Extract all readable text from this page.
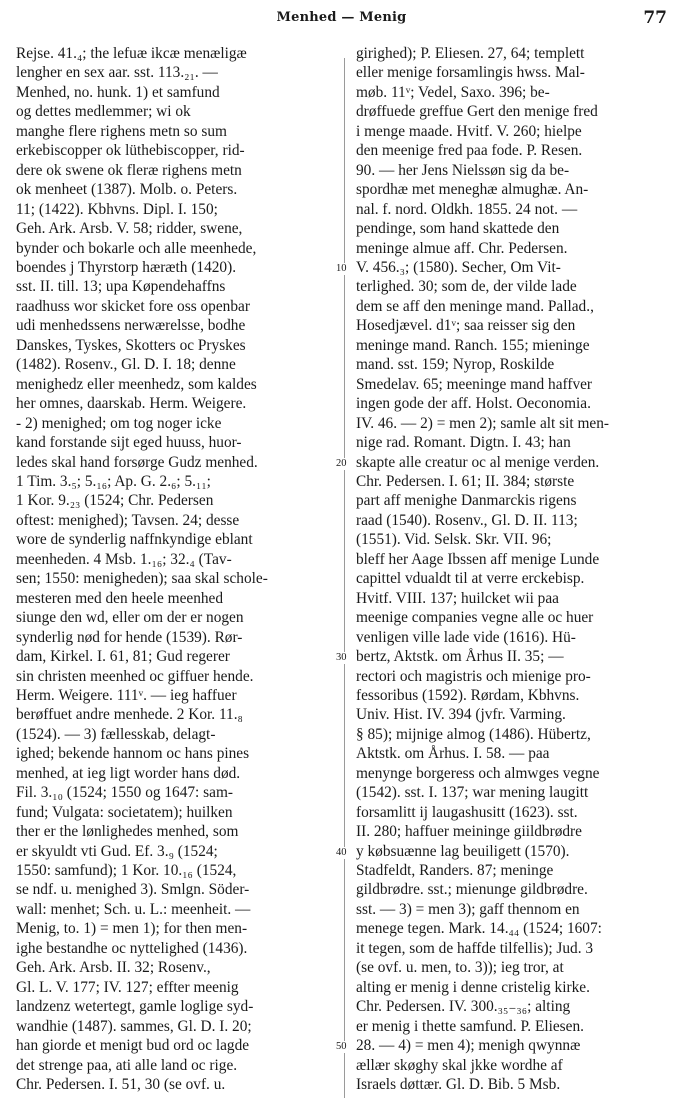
Menhed — Menig	77
Rejse. 41.₄; the lefuæ ikcæ menæligæ
lengher en sex aar. sst. 113.₂₁. —
Menhed, no. hunk. 1) et samfund
og dettes medlemmer; wi ok
manghe flere righens metn so sum
erkebiscopper ok lüthebiscopper, rid-
dere ok swene ok fleræ righens metn
ok menheet (1387). Molb. o. Peters.
11; (1422). Kbhvns. Dipl. I. 150;
Geh. Ark. Arsb. V. 58; ridder, swene,
bynder och bokarle och alle meenhede,
boendes j Thyrstorp hæræth (1420).
sst. II. till. 13; upa Køpendehaffns
raadhuss wor skicket fore oss openbar
udi menhedssens nerwærelsse, bodhe
Danskes, Tyskes, Skotters oc Pryskes
(1482). Rosenv., Gl. D. I. 18; denne
menighedz eller meenhedz, som kaldes
her omnes, daarskab. Herm. Weigere.
- 2) menighed; om tog noger icke
kand forstande sijt eged huuss, huor-
ledes skal hand forsørge Gudz menhed.
1 Tim. 3.₅; 5.₁₆; Ap. G. 2.₆; 5.₁₁;
1 Kor. 9.₂₃ (1524; Chr. Pedersen
oftest: menighed); Tavsen. 24; desse
wore de synderlig naffnkyndige eblant
meenheden. 4 Msb. 1.₁₆; 32.₄ (Tav-
sen; 1550: menigheden); saa skal schole-
mesteren med den heele meenhed
siunge den wd, eller om der er nogen
synderlig nød for hende (1539). Rør-
dam, Kirkel. I. 61, 81; Gud regerer
sin christen meenhed oc giffuer hende.
Herm. Weigere. 111ᵛ. — ieg haffuer
berøffuet andre menhede. 2 Kor. 11.₈
(1524). — 3) fællesskab, delagt-
ighed; bekende hannom oc hans pines
menhed, at ieg ligt worder hans død.
Fil. 3.₁₀ (1524; 1550 og 1647: sam-
fund; Vulgata: societatem); huilken
ther er the lønlighedes menhed, som
er skyuldt vti Gud. Ef. 3.₉ (1524;
1550: samfund); 1 Kor. 10.₁₆ (1524,
se ndf. u. menighed 3). Smlgn. Söder-
wall: menhet; Sch. u. L.: meenheit. —
Menig, to. 1) = men 1); for then men-
ighe bestandhe oc nyttelighed (1436).
Geh. Ark. Arsb. II. 32; Rosenv.,
Gl. L. V. 177; IV. 127; effter meenig
landzenz wetertegt, gamle loglige syd-
wandhie (1487). sammes, Gl. D. I. 20;
han giorde et menigt bud ord oc lagde
det strenge paa, ati alle land oc rige.
Chr. Pedersen. I. 51, 30 (se ovf. u.
10
20
30
40
50
girighed); P. Eliesen. 27, 64; templett
eller menige forsamlingis hwss. Mal-
møb. 11ᵛ; Vedel, Saxo. 396; be-
drøffuede greffue Gert den menige fred
i menge maade. Hvitf. V. 260; hielpe
den meenige fred paa fode. P. Resen.
90. — her Jens Nielssøn sig da be-
spordhæ met meneghæ almughæ. An-
nal. f. nord. Oldkh. 1855. 24 not. —
pendinge, som hand skattede den
meninge almue aff. Chr. Pedersen.
V. 456.₃; (1580). Secher, Om Vit-
terlighed. 30; som de, der vilde lade
dem se aff den meninge mand. Pallad.,
Hosedjævel. d1ᵛ; saa reisser sig den
meninge mand. Ranch. 155; mieninge
mand. sst. 159; Nyrop, Roskilde
Smedelav. 65; meeninge mand haffver
ingen gode der aff. Holst. Oeconomia.
IV. 46. — 2) = men 2); samle alt sit men-
nige rad. Romant. Digtn. I. 43; han
skapte alle creatur oc al menige verden.
Chr. Pedersen. I. 61; II. 384; største
part aff menighe Danmarckis rigens
raad (1540). Rosenv., Gl. D. II. 113;
(1551). Vid. Selsk. Skr. VII. 96;
bleff her Aage Ibssen aff menige Lunde
capittel vdualdt til at verre erckebisp.
Hvitf. VIII. 137; huilcket wii paa
meenige companies vegne alle oc huer
venligen ville lade vide (1616). Hü-
bertz, Aktstk. om Århus II. 35; —
rectori och magistris och mienige pro-
fessoribus (1592). Rørdam, Kbhvns.
Univ. Hist. IV. 394 (jvfr. Varming.
§ 85); mijnige almog (1486). Hübertz,
Aktstk. om Århus. I. 58. — paa
menynge borgeress och almwges vegne
(1542). sst. I. 137; war mening laugitt
forsamlitt ij laugashusitt (1623). sst.
II. 280; haffuer meininge giildbrødre
y købsuænne lag beuiligett (1570).
Stadfeldt, Randers. 87; meninge
gildbrødre. sst.; mienunge gildbrødre.
sst. — 3) = men 3); gaff thennom en
menege tegen. Mark. 14.₄₄ (1524; 1607:
it tegen, som de haffde tilfellis); Jud. 3
(se ovf. u. men, to. 3)); ieg tror, at
alting er menig i denne cristelig kirke.
Chr. Pedersen. IV. 300.₃₅₋₃₆; alting
er menig i thette samfund. P. Eliesen.
28. — 4) = men 4); menigh qwynnæ
ællær skøghy skal jkke wordhe af
Israels døttær. Gl. D. Bib. 5 Msb.
